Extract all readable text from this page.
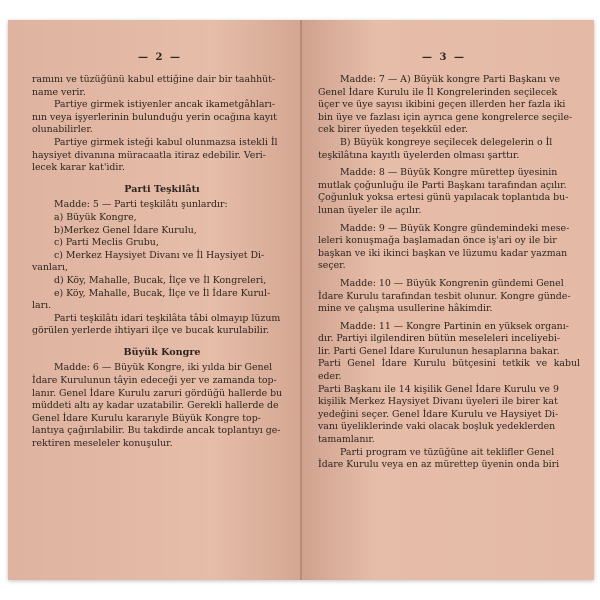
— 2 —

ramını ve tüzüğünü kabul ettiğine dair bir taahhüt-

name verir.

Partiye girmek istiyenler ancak ikametgâhları-

nın veya işyerlerinin bulunduğu yerin ocağına kayıt

olunabilirler.

Partiye girmek isteği kabul olunmazsa istekli İl

haysiyet divanına müracaatla itiraz edebilir. Veri-

lecek karar kat'idir.

Parti Teşkilâtı

Madde: 5 — Parti teşkilâtı şunlardır:

a) Büyük Kongre,

b)Merkez Genel İdare Kurulu,

c) Parti Meclis Grubu,

c) Merkez Haysiyet Divanı ve İl Haysiyet Di-

vanları,

d) Köy, Mahalle, Bucak, İlçe ve İl Kongreleri,

e) Köy, Mahalle, Bucak, İlçe ve İl İdare Kurul-

ları.

Parti teşkilâtı idari teşkilâta tâbi olmayıp lüzum

görülen yerlerde ihtiyari ilçe ve bucak kurulabilir.

Büyük Kongre

Madde: 6 — Büyük Kongre, iki yılda bir Genel

İdare Kurulunun tâyin edeceği yer ve zamanda top-

lanır. Genel İdare Kurulu zaruri gördüğü hallerde bu

müddeti altı ay kadar uzatabilir. Gerekli hallerde de

Genel İdare Kurulu kararıyle Büyük Kongre top-

lantıya çağırılabilir. Bu takdirde ancak toplantıyı ge-

rektiren meseleler konuşulur.

— 3 —

Madde: 7 — A) Büyük kongre Parti Başkanı ve

Genel İdare Kurulu ile İl Kongrelerinden seçilecek

üçer ve üye sayısı ikibini geçen illerden her fazla iki

bin üye ve fazlası için ayrıca gene kongrelerce seçile-

cek birer üyeden teşekkül eder.

B) Büyük kongreye seçilecek delegelerin o İl

teşkilâtına kayıtlı üyelerden olması şarttır.

Madde: 8 — Büyük Kongre mürettep üyesinin

mutlak çoğunluğu ile Parti Başkanı tarafından açılır.

Çoğunluk yoksa ertesi günü yapılacak toplantıda bu-

lunan üyeler ile açılır.

Madde: 9 — Büyük Kongre gündemindeki mese-

leleri konuşmağa başlamadan önce iş'ari oy ile bir

başkan ve iki ikinci başkan ve lüzumu kadar yazman

seçer.

Madde: 10 — Büyük Kongrenin gündemi Genel

İdare Kurulu tarafından tesbit olunur. Kongre günde-

mine ve çalışma usullerine hâkimdir.

Madde: 11 — Kongre Partinin en yüksek organı-

dır. Partiyi ilgilendiren bütün meseleleri inceliyebi-

lir. Parti Genel İdare Kurulunun hesaplarına bakar.

Parti Genel İdare Kurulu bütçesini tetkik ve kabul eder.

Parti Başkanı ile 14 kişilik Genel İdare Kurulu ve 9

kişilik Merkez Haysiyet Divanı üyeleri ile birer kat

yedeğini seçer. Genel İdare Kurulu ve Haysiyet Di-

vanı üyeliklerinde vaki olacak boşluk yedeklerden

tamamlanır.

Parti program ve tüzüğüne ait teklifler Genel

İdare Kurulu veya en az mürettep üyenin onda biri
